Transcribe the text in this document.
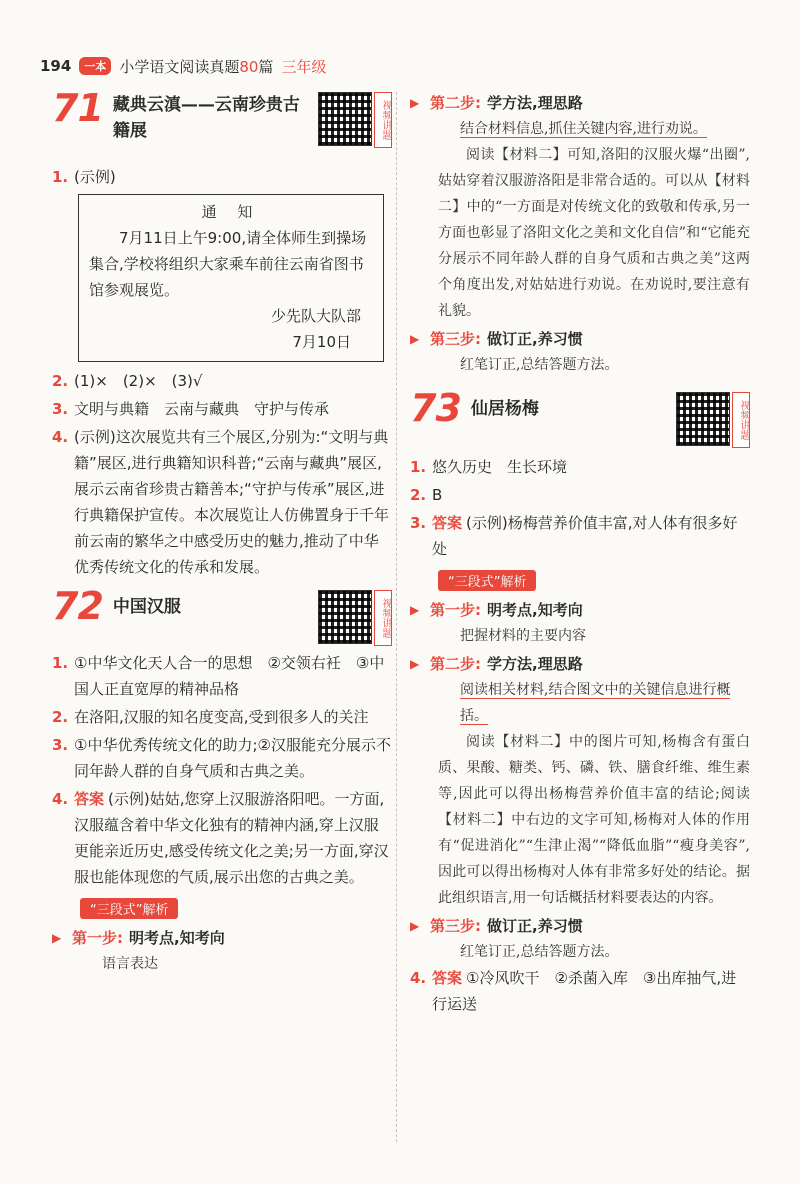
194	一本 小学语文阅读真题80篇 三年级
71 藏典云滇——云南珍贵古籍展	视频讲题
1. (示例)
通 知
7月11日上午9:00,请全体师生到操场集合,学校将组织大家乘车前往云南省图书馆参观展览。
少先队大队部
7月10日
2. (1)×　(2)×　(3)√
3. 文明与典籍　云南与藏典　守护与传承
4. (示例)这次展览共有三个展区,分别为:“文明与典籍”展区,进行典籍知识科普;“云南与藏典”展区,展示云南省珍贵古籍善本;“守护与传承”展区,进行典籍保护宣传。本次展览让人仿佛置身于千年前云南的繁华之中感受历史的魅力,推动了中华优秀传统文化的传承和发展。
72 中国汉服	视频讲题
1. ①中华文化天人合一的思想　②交领右衽　③中国人正直宽厚的精神品格
2. 在洛阳,汉服的知名度变高,受到很多人的关注
3. ①中华优秀传统文化的助力;②汉服能充分展示不同年龄人群的自身气质和古典之美。
4. 答案 (示例)姑姑,您穿上汉服游洛阳吧。一方面,汉服蕴含着中华文化独有的精神内涵,穿上汉服更能亲近历史,感受传统文化之美;另一方面,穿汉服也能体现您的气质,展示出您的古典之美。
“三段式”解析
▶ 第一步: 明考点,知考向
语言表达
▶ 第二步: 学方法,理思路
结合材料信息,抓住关键内容,进行劝说。
阅读【材料二】可知,洛阳的汉服火爆“出圈”,姑姑穿着汉服游洛阳是非常合适的。可以从【材料二】中的“一方面是对传统文化的致敬和传承,另一方面也彰显了洛阳文化之美和文化自信”和“它能充分展示不同年龄人群的自身气质和古典之美”这两个角度出发,对姑姑进行劝说。在劝说时,要注意有礼貌。
▶ 第三步: 做订正,养习惯
红笔订正,总结答题方法。
73 仙居杨梅	视频讲题
1. 悠久历史　生长环境
2. B
3. 答案 (示例)杨梅营养价值丰富,对人体有很多好处
“三段式”解析
▶ 第一步: 明考点,知考向
把握材料的主要内容
▶ 第二步: 学方法,理思路
阅读相关材料,结合图文中的关键信息进行概括。
阅读【材料二】中的图片可知,杨梅含有蛋白质、果酸、糖类、钙、磷、铁、膳食纤维、维生素等,因此可以得出杨梅营养价值丰富的结论;阅读【材料二】中右边的文字可知,杨梅对人体的作用有“促进消化”“生津止渴”“降低血脂”“瘦身美容”,因此可以得出杨梅对人体有非常多好处的结论。据此组织语言,用一句话概括材料要表达的内容。
▶ 第三步: 做订正,养习惯
红笔订正,总结答题方法。
4. 答案 ①冷风吹干　②杀菌入库　③出库抽气,进行运送
